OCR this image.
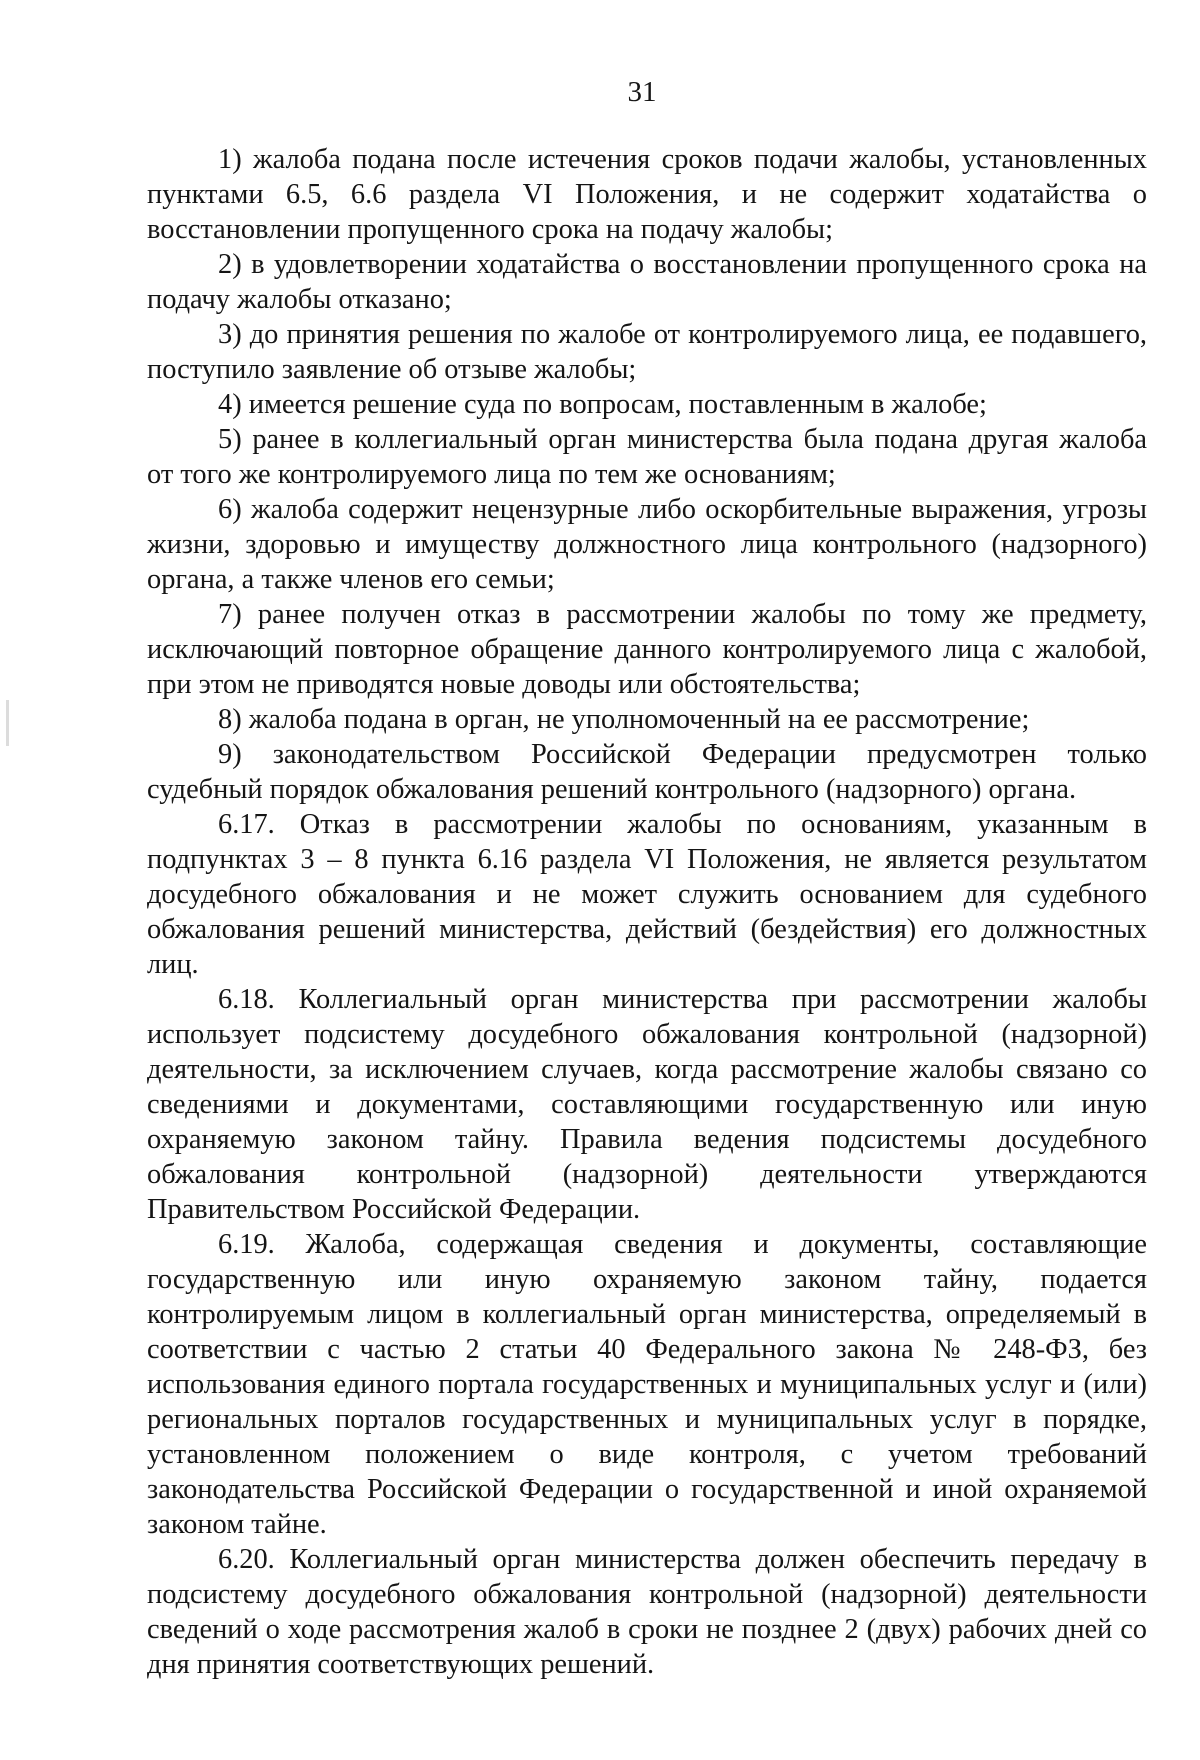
31

1) жалоба подана после истечения сроков подачи жалобы, установленных пунктами 6.5, 6.6 раздела VI Положения, и не содержит ходатайства о восстановлении пропущенного срока на подачу жалобы;

2) в удовлетворении ходатайства о восстановлении пропущенного срока на подачу жалобы отказано;

3) до принятия решения по жалобе от контролируемого лица, ее подавшего, поступило заявление об отзыве жалобы;

4) имеется решение суда по вопросам, поставленным в жалобе;

5) ранее в коллегиальный орган министерства была подана другая жалоба от того же контролируемого лица по тем же основаниям;

6) жалоба содержит нецензурные либо оскорбительные выражения, угрозы жизни, здоровью и имуществу должностного лица контрольного (надзорного) органа, а также членов его семьи;

7) ранее получен отказ в рассмотрении жалобы по тому же предмету, исключающий повторное обращение данного контролируемого лица с жалобой, при этом не приводятся новые доводы или обстоятельства;

8) жалоба подана в орган, не уполномоченный на ее рассмотрение;

9) законодательством Российской Федерации предусмотрен только судебный порядок обжалования решений контрольного (надзорного) органа.

6.17. Отказ в рассмотрении жалобы по основаниям, указанным в подпунктах 3 – 8 пункта 6.16 раздела VI Положения, не является результатом досудебного обжалования и не может служить основанием для судебного обжалования решений министерства, действий (бездействия) его должностных лиц.

6.18. Коллегиальный орган министерства при рассмотрении жалобы использует подсистему досудебного обжалования контрольной (надзорной) деятельности, за исключением случаев, когда рассмотрение жалобы связано со сведениями и документами, составляющими государственную или иную охраняемую законом тайну. Правила ведения подсистемы досудебного обжалования контрольной (надзорной) деятельности утверждаются Правительством Российской Федерации.

6.19. Жалоба, содержащая сведения и документы, составляющие государственную или иную охраняемую законом тайну, подается контролируемым лицом в коллегиальный орган министерства, определяемый в соответствии с частью 2 статьи 40 Федерального закона № 248-ФЗ, без использования единого портала государственных и муниципальных услуг и (или) региональных порталов государственных и муниципальных услуг в порядке, установленном положением о виде контроля, с учетом требований законодательства Российской Федерации о государственной и иной охраняемой законом тайне.

6.20. Коллегиальный орган министерства должен обеспечить передачу в подсистему досудебного обжалования контрольной (надзорной) деятельности сведений о ходе рассмотрения жалоб в сроки не позднее 2 (двух) рабочих дней со дня принятия соответствующих решений.
